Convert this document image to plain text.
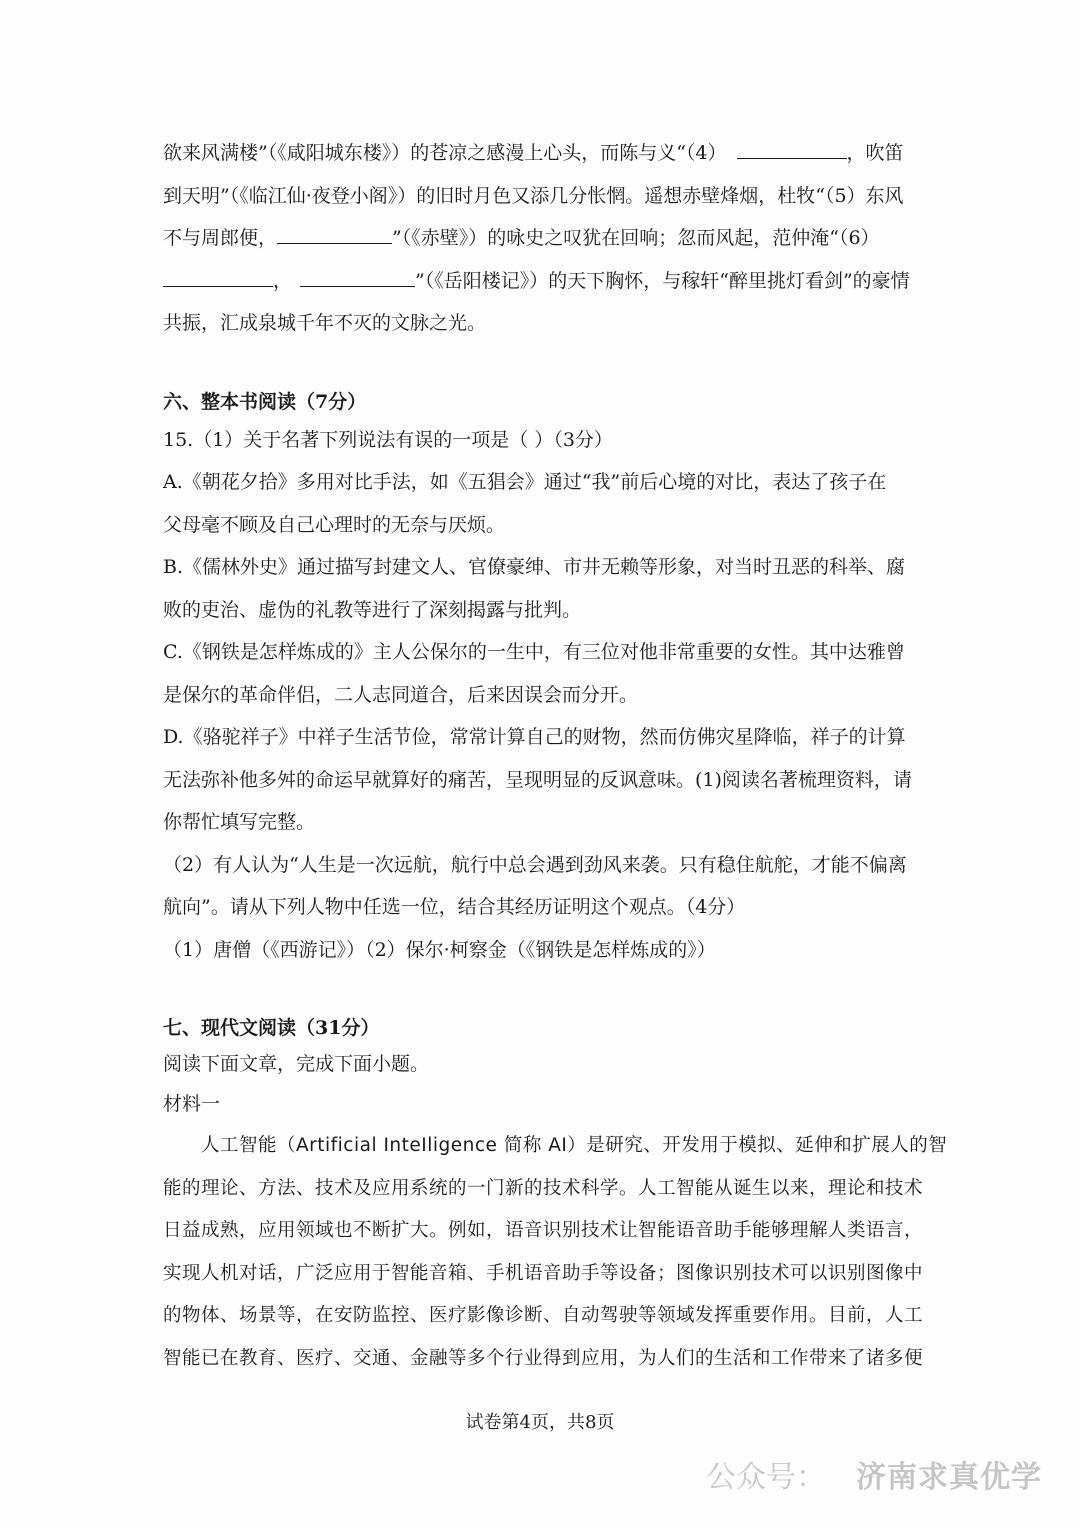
欲来风满楼”（《咸阳城东楼》）的苍凉之感漫上心头，而陈与义“（4）	，吹笛
到天明”（《临江仙·夜登小阁》）的旧时月色又添几分怅惘。遥想赤壁烽烟，杜牧“（5）东风
不与周郎便，	”（《赤壁》）的咏史之叹犹在回响；忽而风起，范仲淹“（6）
，	”（《岳阳楼记》）的天下胸怀，与稼轩“醉里挑灯看剑”的豪情
共振，汇成泉城千年不灭的文脉之光。
六、整本书阅读（7分）
15.（1）关于名著下列说法有误的一项是（ ）（3分）
A.《朝花夕拾》多用对比手法，如《五猖会》通过“我”前后心境的对比，表达了孩子在
父母毫不顾及自己心理时的无奈与厌烦。
B.《儒林外史》通过描写封建文人、官僚豪绅、市井无赖等形象，对当时丑恶的科举、腐
败的吏治、虚伪的礼教等进行了深刻揭露与批判。
C.《钢铁是怎样炼成的》主人公保尔的一生中，有三位对他非常重要的女性。其中达雅曾
是保尔的革命伴侣，二人志同道合，后来因误会而分开。
D.《骆驼祥子》中祥子生活节俭，常常计算自己的财物，然而仿佛灾星降临，祥子的计算
无法弥补他多舛的命运早就算好的痛苦，呈现明显的反讽意味。(1)阅读名著梳理资料，请
你帮忙填写完整。
（2）有人认为“人生是一次远航，航行中总会遇到劲风来袭。只有稳住航舵，才能不偏离
航向”。请从下列人物中任选一位，结合其经历证明这个观点。（4分）
（1）唐僧（《西游记》）（2）保尔·柯察金（《钢铁是怎样炼成的》）
七、现代文阅读（31分）
阅读下面文章，完成下面小题。
材料一
人工智能（Artificial InteIligence 简称 AI）是研究、开发用于模拟、延伸和扩展人的智
能的理论、方法、技术及应用系统的一门新的技术科学。人工智能从诞生以来，理论和技术
日益成熟，应用领域也不断扩大。例如，语音识别技术让智能语音助手能够理解人类语言，
实现人机对话，广泛应用于智能音箱、手机语音助手等设备；图像识别技术可以识别图像中
的物体、场景等，在安防监控、医疗影像诊断、自动驾驶等领域发挥重要作用。目前，人工
智能已在教育、医疗、交通、金融等多个行业得到应用，为人们的生活和工作带来了诸多便
试卷第4页，共8页
公众号： 济南求真优学
